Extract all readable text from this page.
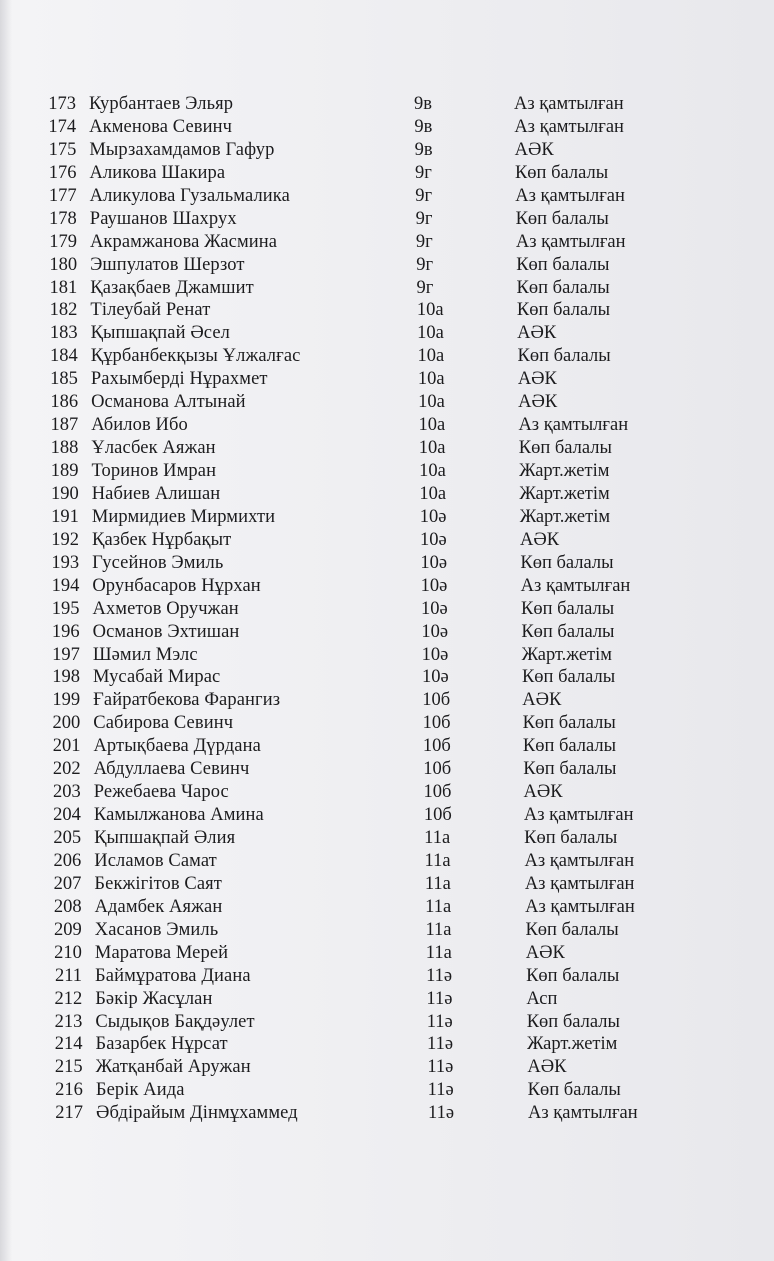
173 Курбантаев Эльяр	9в	Аз қамтылған
174 Акменова Севинч	9в	Аз қамтылған
175 Мырзахамдамов Гафур	9в	АӘК
176 Аликова Шакира	9г	Көп балалы
177 Аликулова Гузальмалика	9г	Аз қамтылған
178 Раушанов Шахрух	9г	Көп балалы
179 Акрамжанова Жасмина	9г	Аз қамтылған
180 Эшпулатов Шерзот	9г	Көп балалы
181 Қазақбаев Джамшит	9г	Көп балалы
182 Тілеубай Ренат	10а	Көп балалы
183 Қыпшақпай Әсел	10а	АӘК
184 Құрбанбекқызы Ұлжалғас	10а	Көп балалы
185 Рахымберді Нұрахмет	10а	АӘК
186 Османова Алтынай	10а	АӘК
187 Абилов Ибо	10а	Аз қамтылған
188 Ұласбек Аяжан	10а	Көп балалы
189 Торинов Имран	10а	Жарт.жетім
190 Набиев Алишан	10а	Жарт.жетім
191 Мирмидиев Мирмихти	10ә	Жарт.жетім
192 Қазбек Нұрбақыт	10ә	АӘК
193 Гусейнов Эмиль	10ә	Көп балалы
194 Орунбасаров Нұрхан	10ә	Аз қамтылған
195 Ахметов Оручжан	10ә	Көп балалы
196 Османов Эхтишан	10ә	Көп балалы
197 Шәмил Мэлс	10ә	Жарт.жетім
198 Мусабай Мирас	10ә	Көп балалы
199 Ғайратбекова Фарангиз	10б	АӘК
200 Сабирова Севинч	10б	Көп балалы
201 Артықбаева Дүрдана	10б	Көп балалы
202 Абдуллаева Севинч	10б	Көп балалы
203 Режебаева Чарос	10б	АӘК
204 Камылжанова Амина	10б	Аз қамтылған
205 Қыпшақпай Әлия	11а	Көп балалы
206 Исламов Самат	11а	Аз қамтылған
207 Бекжігітов Саят	11а	Аз қамтылған
208 Адамбек Аяжан	11а	Аз қамтылған
209 Хасанов Эмиль	11а	Көп балалы
210 Маратова Мерей	11а	АӘК
211 Баймұратова Диана	11ә	Көп балалы
212 Бәкір Жасұлан	11ә	Асп
213 Сыдықов Бақдәулет	11ә	Көп балалы
214 Базарбек Нұрсат	11ә	Жарт.жетім
215 Жатқанбай Аружан	11ә	АӘК
216 Берік Аида	11ә	Көп балалы
217 Әбдірайым Дінмұхаммед	11ә	Аз қамтылған
